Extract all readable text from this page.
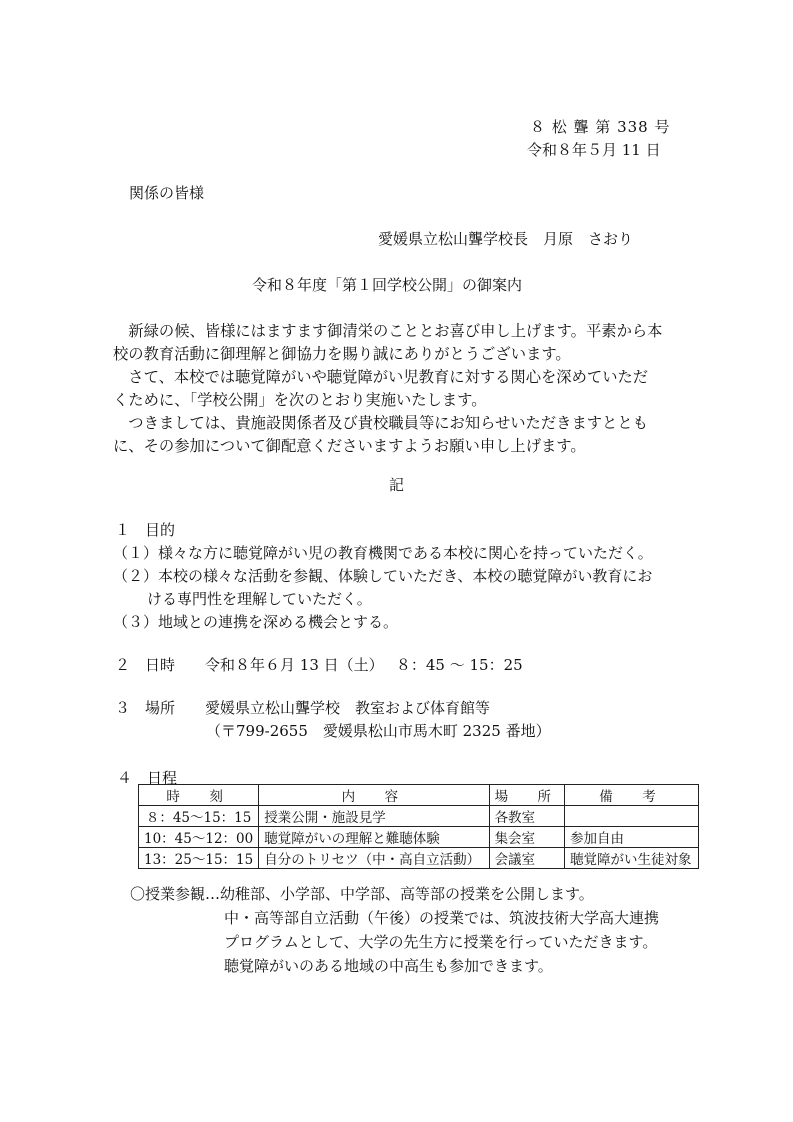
８ 松 聾 第 338 号
令和８年５月 11 日
関係の皆様
愛媛県立松山聾学校長　月原　さおり
令和８年度「第１回学校公開」の御案内
　新緑の候、皆様にはますます御清栄のこととお喜び申し上げます。平素から本
校の教育活動に御理解と御協力を賜り誠にありがとうございます。
　さて、本校では聴覚障がいや聴覚障がい児教育に対する関心を深めていただ
くために、「学校公開」を次のとおり実施いたします。
　つきましては、貴施設関係者及び貴校職員等にお知らせいただきますととも
に、その参加について御配意くださいますようお願い申し上げます。
記
１　目的
（１）様々な方に聴覚障がい児の教育機関である本校に関心を持っていただく。
（２）本校の様々な活動を参観、体験していただき、本校の聴覚障がい教育にお
ける専門性を理解していただく。
（３）地域との連携を深める機会とする。
２　日時　　令和８年６月 13 日（土）　 ８：45 〜 15：25
３　場所　　愛媛県立松山聾学校　教室および体育館等
（〒799‐2655　愛媛県松山市馬木町 2325 番地）
４　日程
時　刻	内　容	場　所	備　考
８：45〜15：15	授業公開・施設見学	各教室	
10：45〜12：00	聴覚障がいの理解と難聴体験	集会室	参加自由
13：25〜15：15	自分のトリセツ（中・高自立活動）	会議室	聴覚障がい生徒対象
〇授業参観…幼稚部、小学部、中学部、高等部の授業を公開します。
中・高等部自立活動（午後）の授業では、筑波技術大学高大連携
プログラムとして、大学の先生方に授業を行っていただきます。
聴覚障がいのある地域の中高生も参加できます。
